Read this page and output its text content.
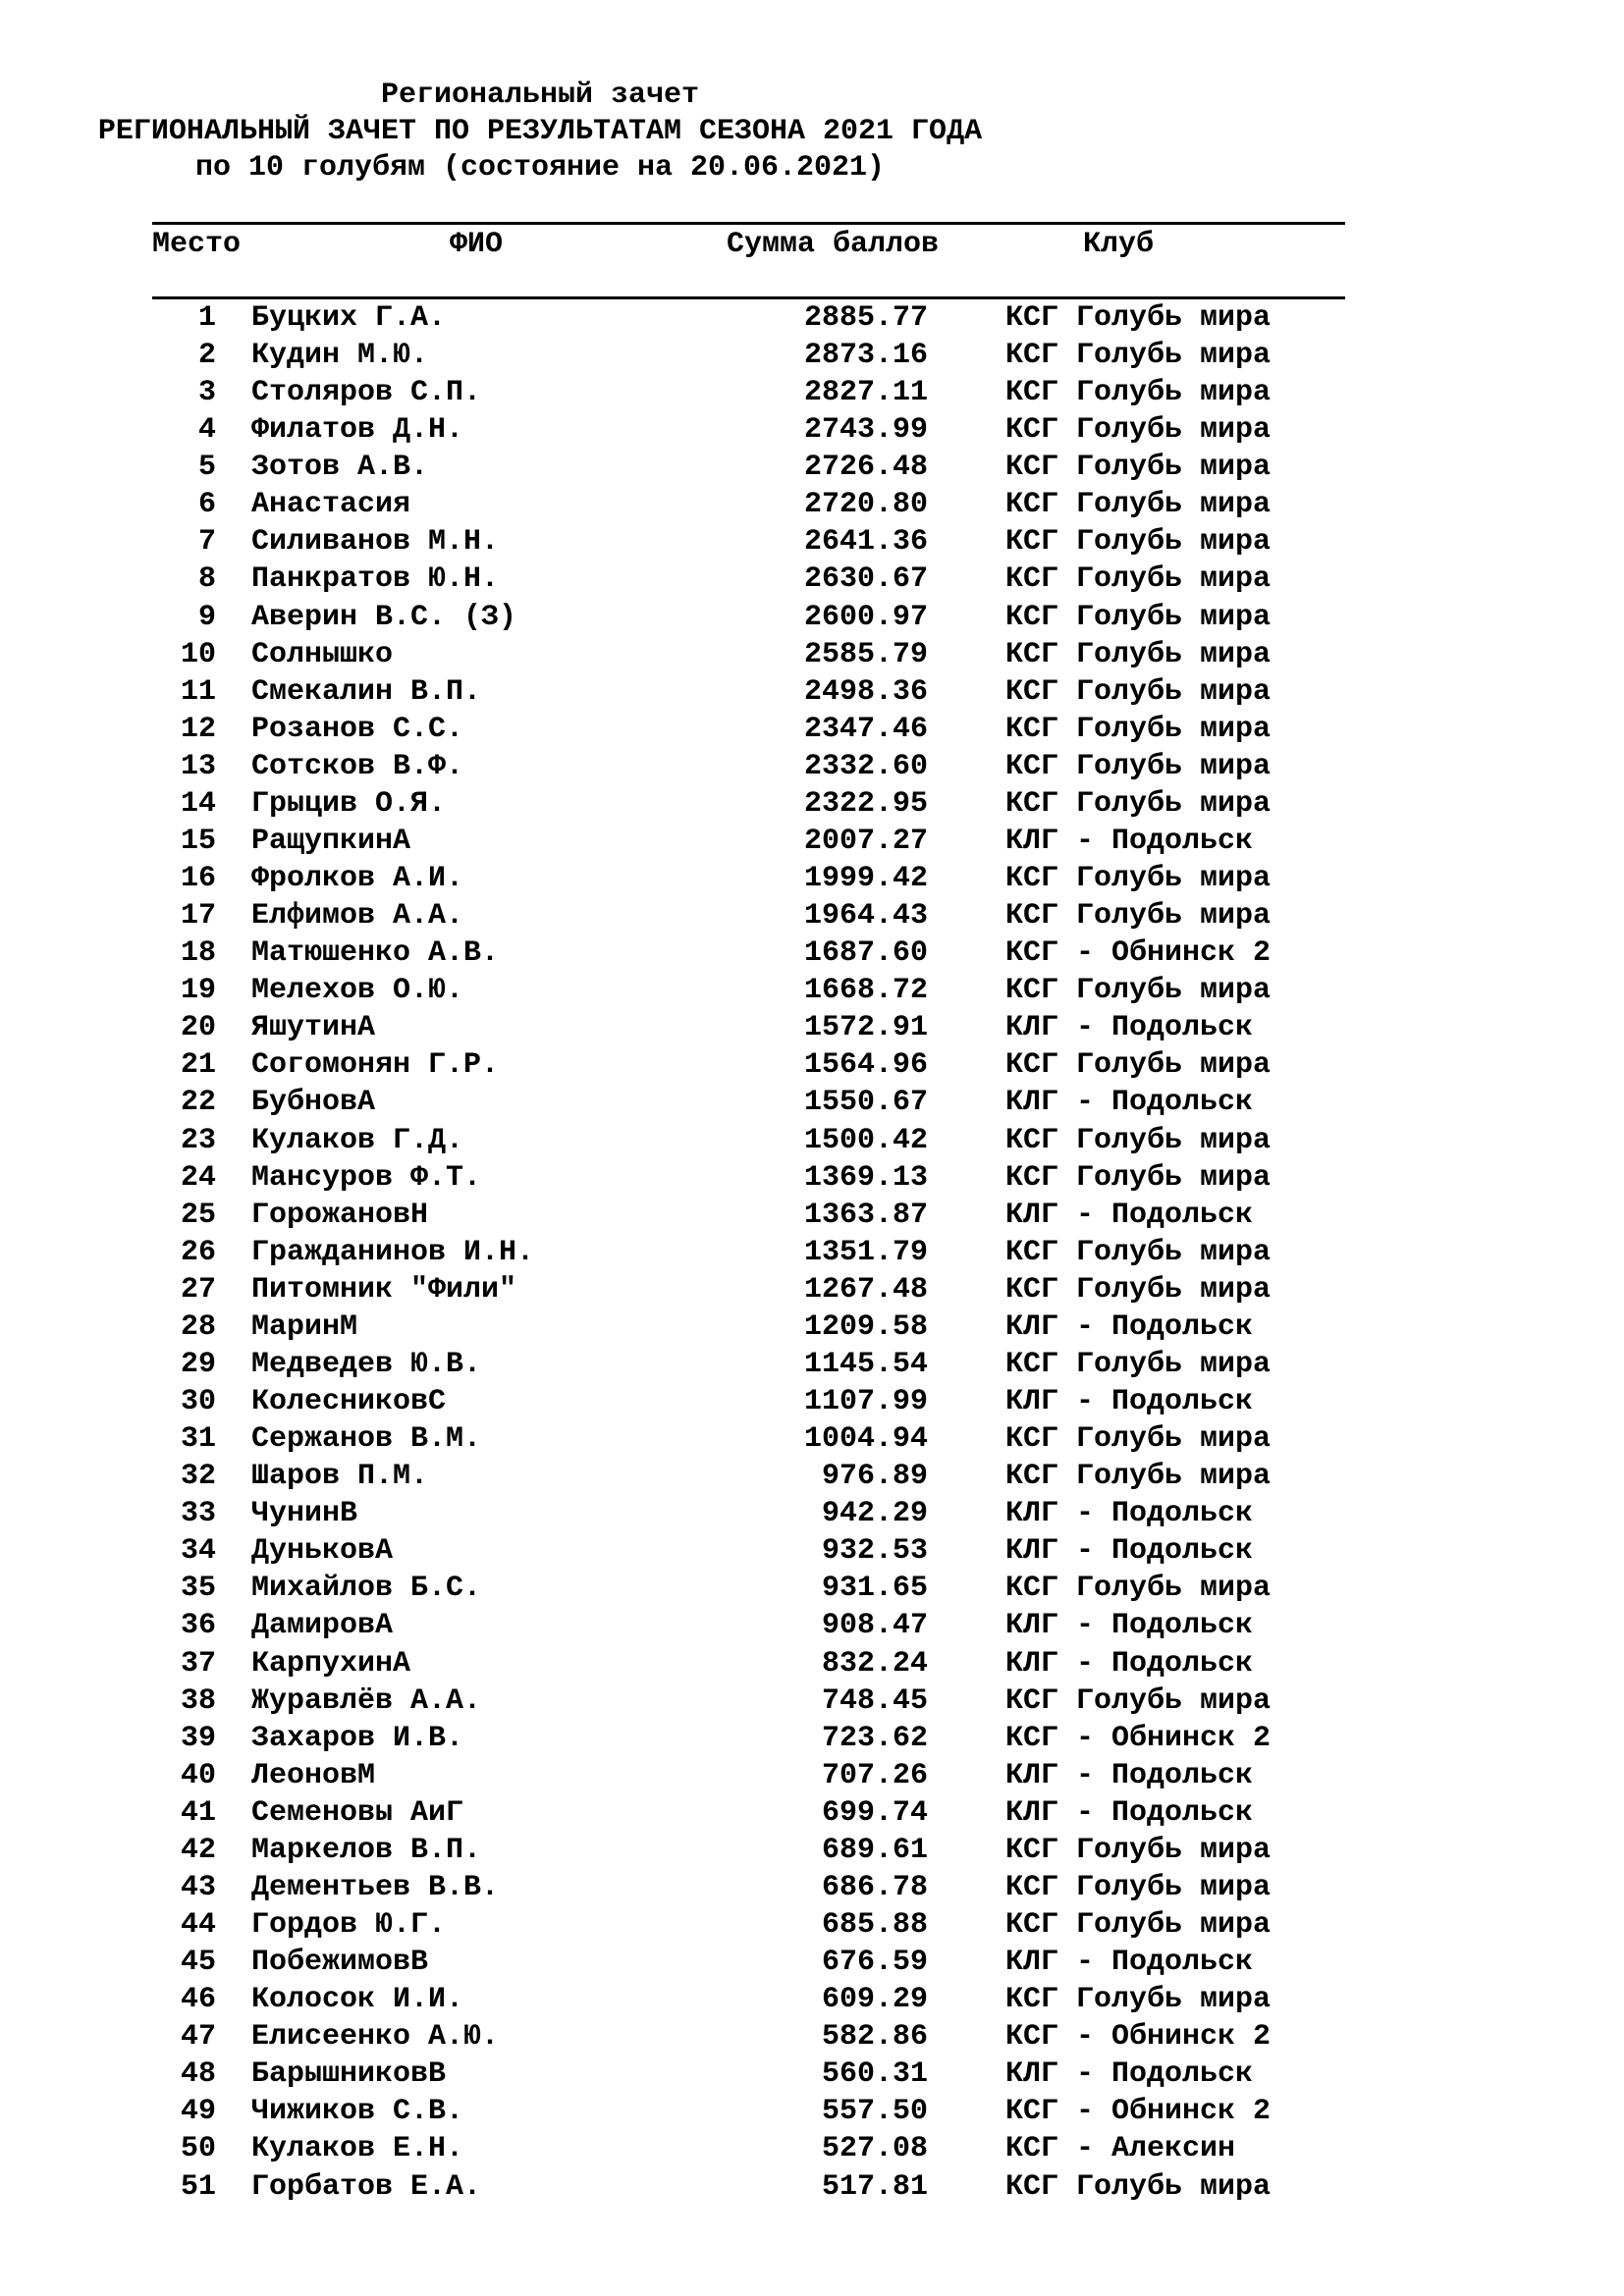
Региональный зачет
РЕГИОНАЛЬНЫЙ ЗАЧЕТ ПО РЕЗУЛЬТАТАМ СЕЗОНА 2021 ГОДА
по 10 голубям (состояние на 20.06.2021)
Место	ФИО	Сумма баллов	Клуб
1 Буцких Г.А.	2885.77	КСГ Голубь мира
2 Кудин М.Ю.	2873.16	КСГ Голубь мира
3 Столяров С.П.	2827.11	КСГ Голубь мира
4 Филатов Д.Н.	2743.99	КСГ Голубь мира
5 Зотов А.В.	2726.48	КСГ Голубь мира
6 Анастасия	2720.80	КСГ Голубь мира
7 Силиванов М.Н.	2641.36	КСГ Голубь мира
8 Панкратов Ю.Н.	2630.67	КСГ Голубь мира
9 Аверин В.С. (З)	2600.97	КСГ Голубь мира
10 Солнышко	2585.79	КСГ Голубь мира
11 Смекалин В.П.	2498.36	КСГ Голубь мира
12 Розанов С.С.	2347.46	КСГ Голубь мира
13 Сотсков В.Ф.	2332.60	КСГ Голубь мира
14 Грыцив О.Я.	2322.95	КСГ Голубь мира
15 РащупкинА	2007.27	КЛГ - Подольск
16 Фролков А.И.	1999.42	КСГ Голубь мира
17 Елфимов А.А.	1964.43	КСГ Голубь мира
18 Матюшенко А.В.	1687.60	КСГ - Обнинск 2
19 Мелехов О.Ю.	1668.72	КСГ Голубь мира
20 ЯшутинА	1572.91	КЛГ - Подольск
21 Согомонян Г.Р.	1564.96	КСГ Голубь мира
22 БубновА	1550.67	КЛГ - Подольск
23 Кулаков Г.Д.	1500.42	КСГ Голубь мира
24 Мансуров Ф.Т.	1369.13	КСГ Голубь мира
25 ГорожановН	1363.87	КЛГ - Подольск
26 Гражданинов И.Н.	1351.79	КСГ Голубь мира
27 Питомник "Фили"	1267.48	КСГ Голубь мира
28 МаринМ	1209.58	КЛГ - Подольск
29 Медведев Ю.В.	1145.54	КСГ Голубь мира
30 КолесниковС	1107.99	КЛГ - Подольск
31 Сержанов В.М.	1004.94	КСГ Голубь мира
32 Шаров П.М.	976.89	КСГ Голубь мира
33 ЧунинВ	942.29	КЛГ - Подольск
34 ДуньковА	932.53	КЛГ - Подольск
35 Михайлов Б.С.	931.65	КСГ Голубь мира
36 ДамировА	908.47	КЛГ - Подольск
37 КарпухинА	832.24	КЛГ - Подольск
38 Журавлёв А.А.	748.45	КСГ Голубь мира
39 Захаров И.В.	723.62	КСГ - Обнинск 2
40 ЛеоновМ	707.26	КЛГ - Подольск
41 Семеновы АиГ	699.74	КЛГ - Подольск
42 Маркелов В.П.	689.61	КСГ Голубь мира
43 Дементьев В.В.	686.78	КСГ Голубь мира
44 Гордов Ю.Г.	685.88	КСГ Голубь мира
45 ПобежимовВ	676.59	КЛГ - Подольск
46 Колосок И.И.	609.29	КСГ Голубь мира
47 Елисеенко А.Ю.	582.86	КСГ - Обнинск 2
48 БарышниковВ	560.31	КЛГ - Подольск
49 Чижиков С.В.	557.50	КСГ - Обнинск 2
50 Кулаков Е.Н.	527.08	КСГ - Алексин
51 Горбатов Е.А.	517.81	КСГ Голубь мира
